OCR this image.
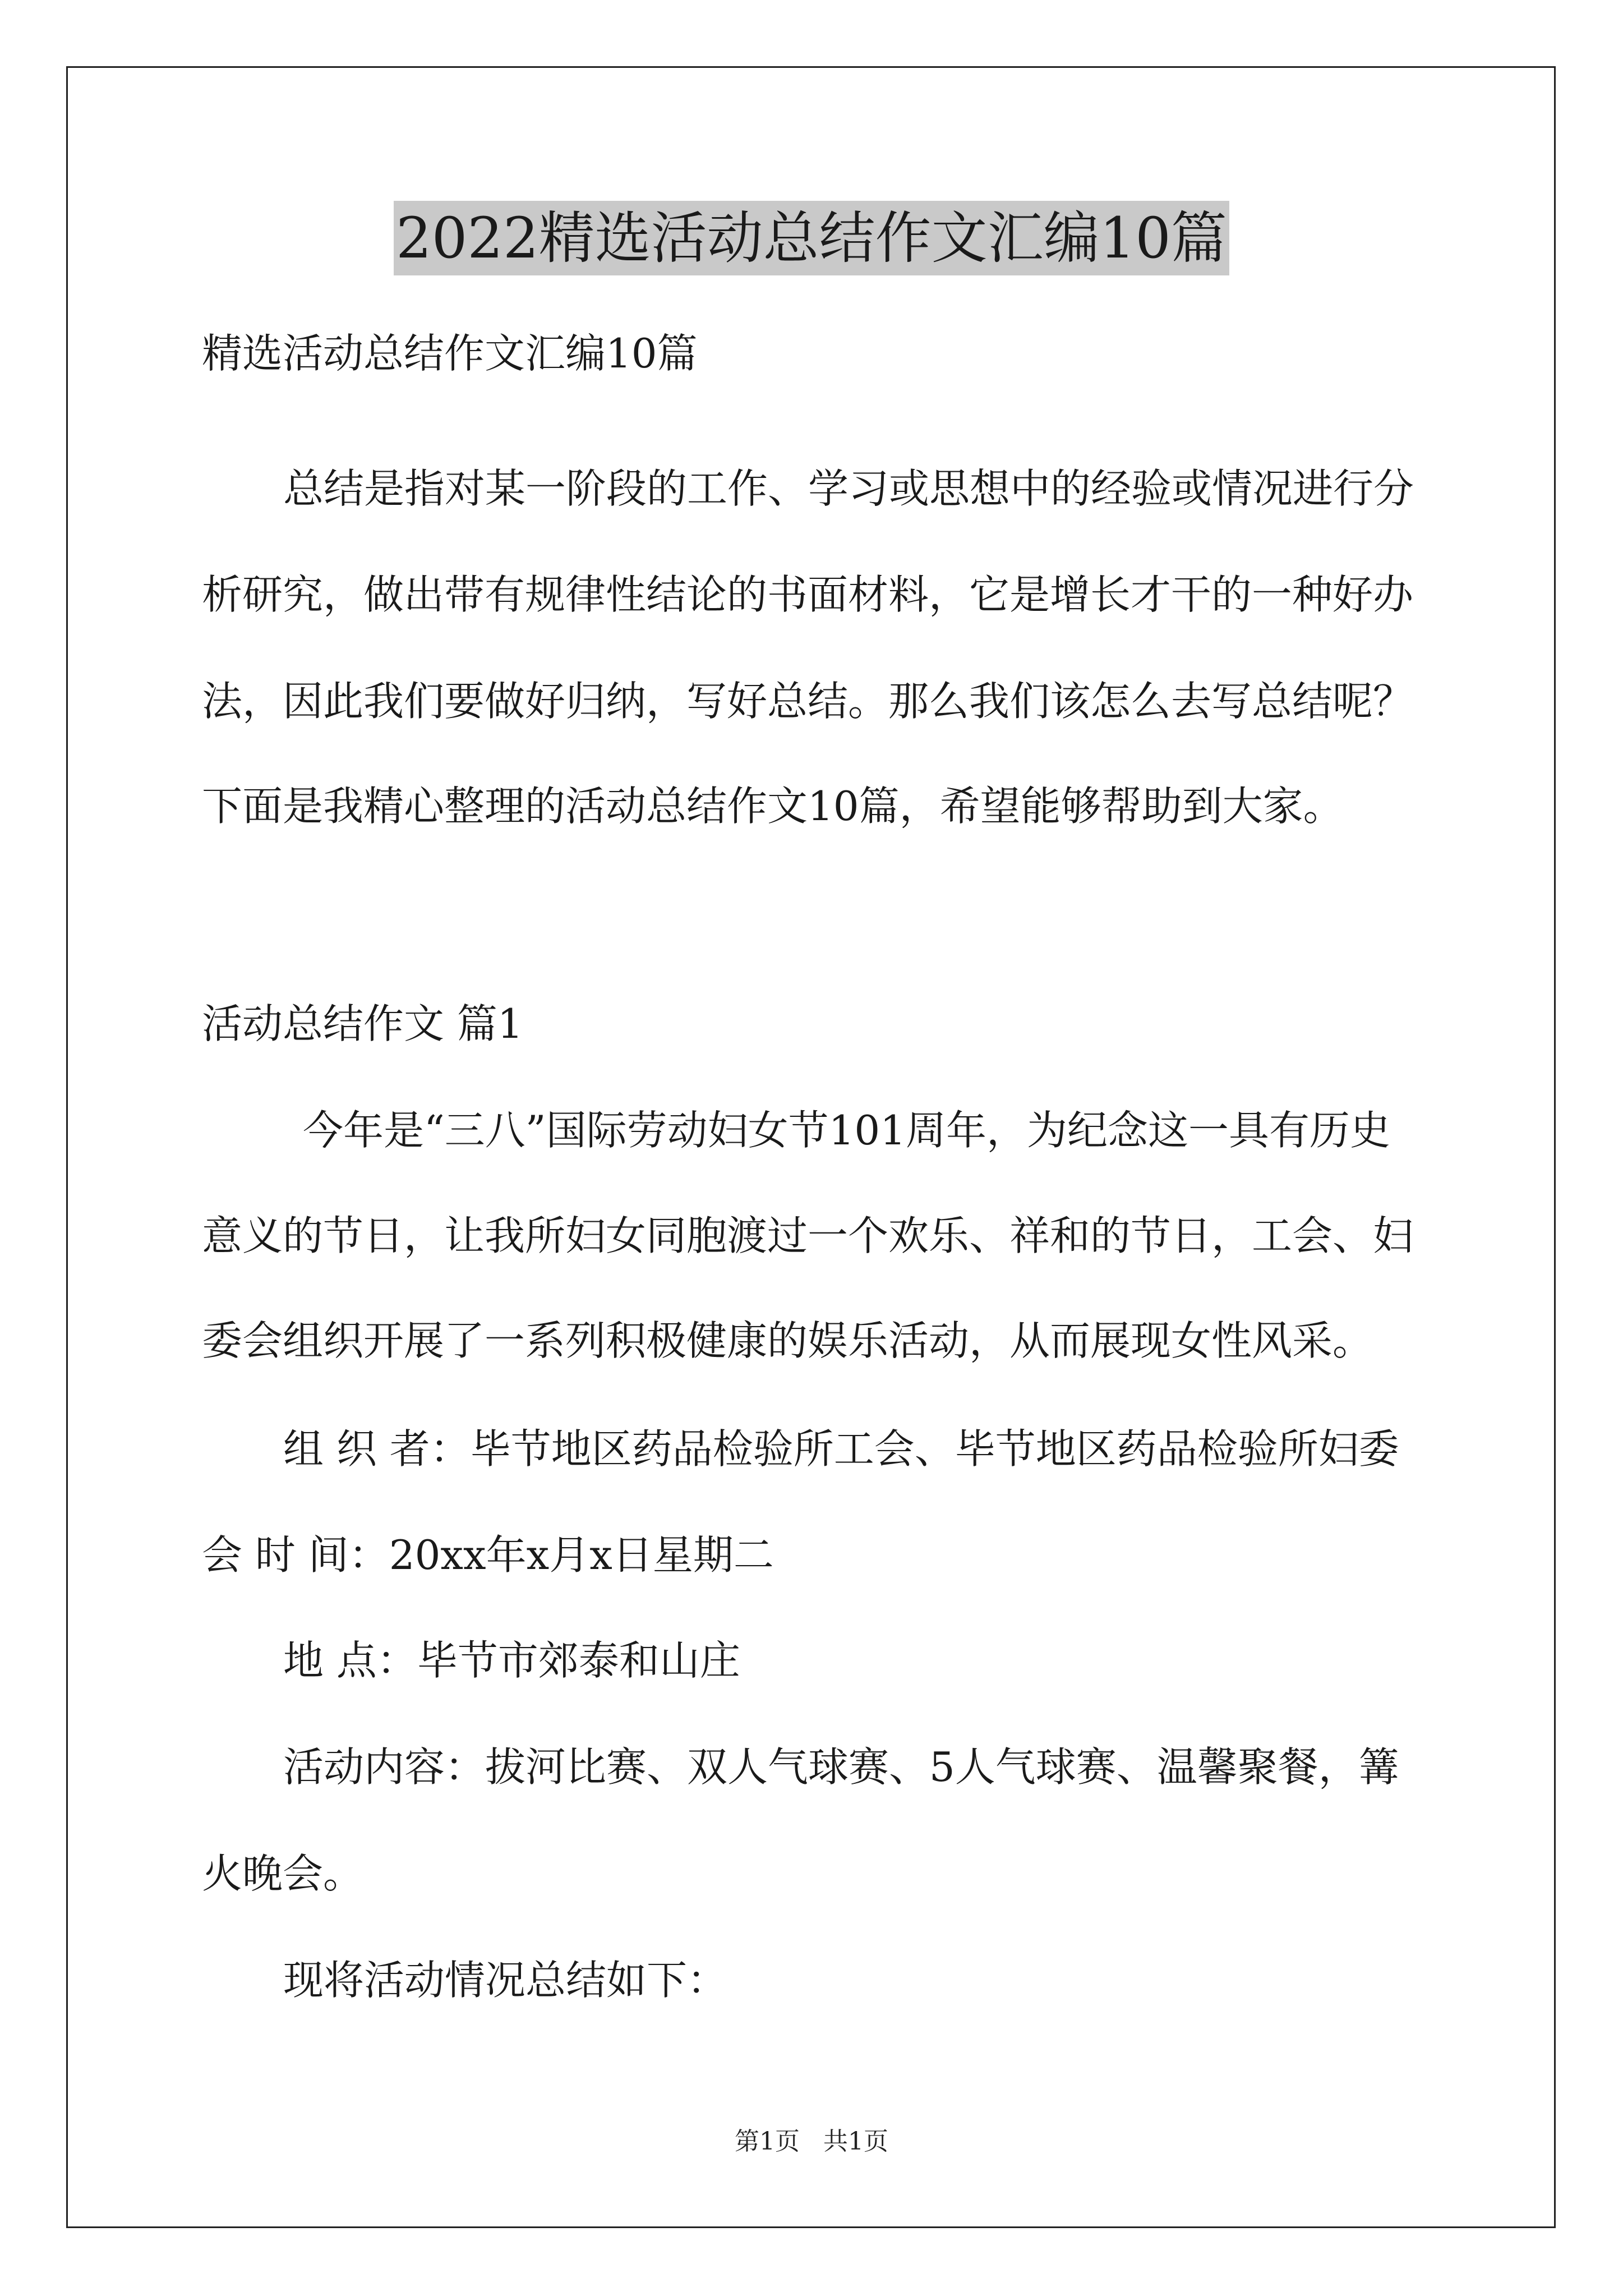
2022精选活动总结作文汇编10篇
精选活动总结作文汇编10篇
总结是指对某一阶段的工作、学习或思想中的经验或情况进行分
析研究，做出带有规律性结论的书面材料，它是增长才干的一种好办
法，因此我们要做好归纳，写好总结。那么我们该怎么去写总结呢？
下面是我精心整理的活动总结作文10篇，希望能够帮助到大家。
活动总结作文 篇1
今年是“三八”国际劳动妇女节101周年，为纪念这一具有历史
意义的节日，让我所妇女同胞渡过一个欢乐、祥和的节日，工会、妇
委会组织开展了一系列积极健康的娱乐活动，从而展现女性风采。
组 织 者：毕节地区药品检验所工会、毕节地区药品检验所妇委
会 时 间：20xx年x月x日星期二
地 点：毕节市郊泰和山庄
活动内容：拔河比赛、双人气球赛、5人气球赛、温馨聚餐，篝
火晚会。
现将活动情况总结如下：
第1页   共1页
